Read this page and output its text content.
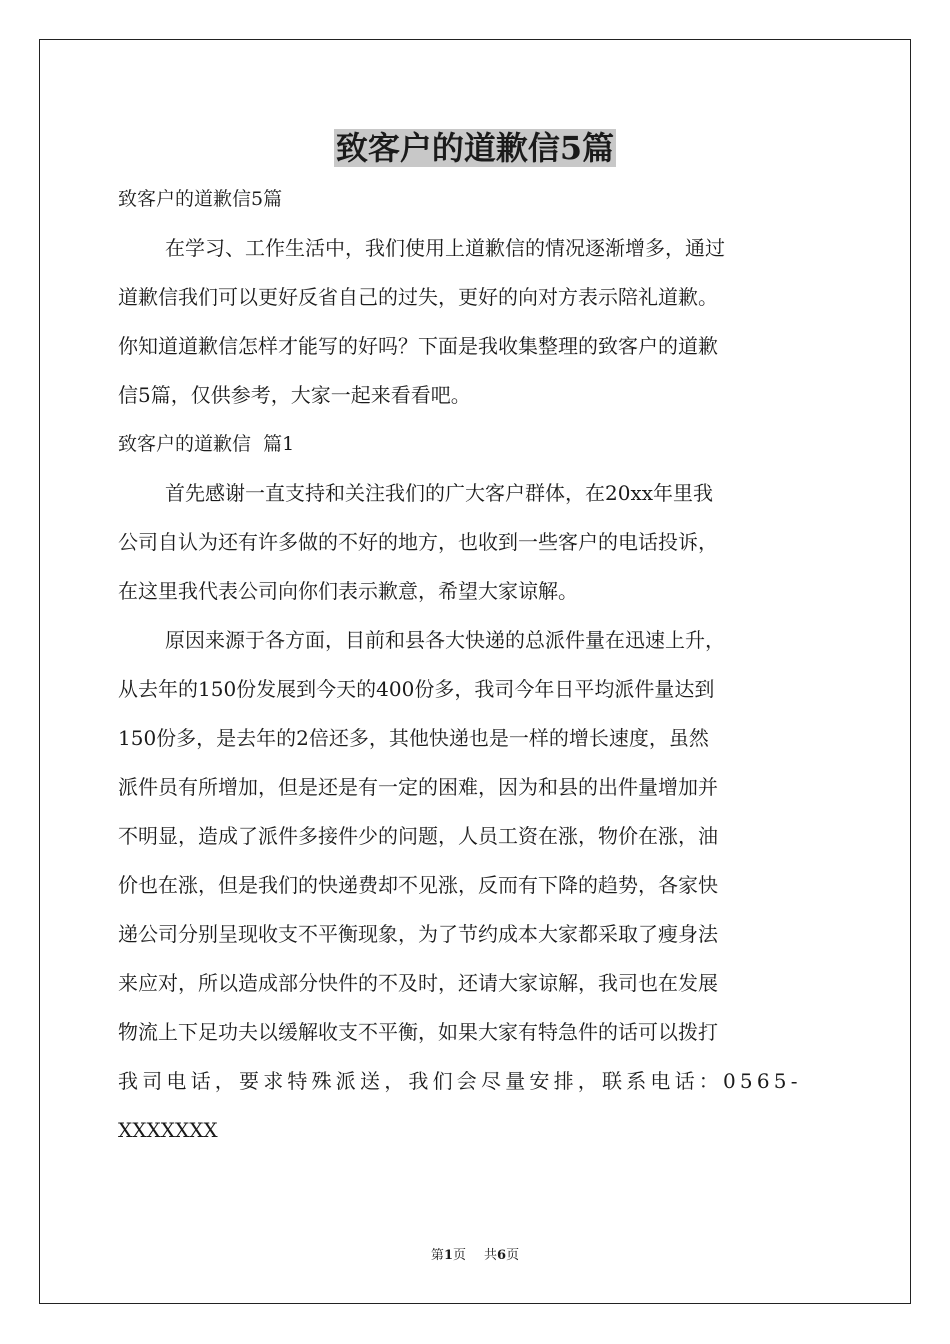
致客户的道歉信5篇
致客户的道歉信5篇
在学习、工作生活中，我们使用上道歉信的情况逐渐增多，通过
道歉信我们可以更好反省自己的过失，更好的向对方表示陪礼道歉。
你知道道歉信怎样才能写的好吗？下面是我收集整理的致客户的道歉
信5篇，仅供参考，大家一起来看看吧。
致客户的道歉信  篇1
首先感谢一直支持和关注我们的广大客户群体，在20xx年里我
公司自认为还有许多做的不好的地方，也收到一些客户的电话投诉，
在这里我代表公司向你们表示歉意，希望大家谅解。
原因来源于各方面，目前和县各大快递的总派件量在迅速上升，
从去年的150份发展到今天的400份多，我司今年日平均派件量达到
150份多，是去年的2倍还多，其他快递也是一样的增长速度，虽然
派件员有所增加，但是还是有一定的困难，因为和县的出件量增加并
不明显，造成了派件多接件少的问题，人员工资在涨，物价在涨，油
价也在涨，但是我们的快递费却不见涨，反而有下降的趋势，各家快
递公司分别呈现收支不平衡现象，为了节约成本大家都采取了瘦身法
来应对，所以造成部分快件的不及时，还请大家谅解，我司也在发展
物流上下足功夫以缓解收支不平衡，如果大家有特急件的话可以拨打
我司电话，要求特殊派送，我们会尽量安排，联系电话：0565-
XXXXXXX
第1页 共6页
